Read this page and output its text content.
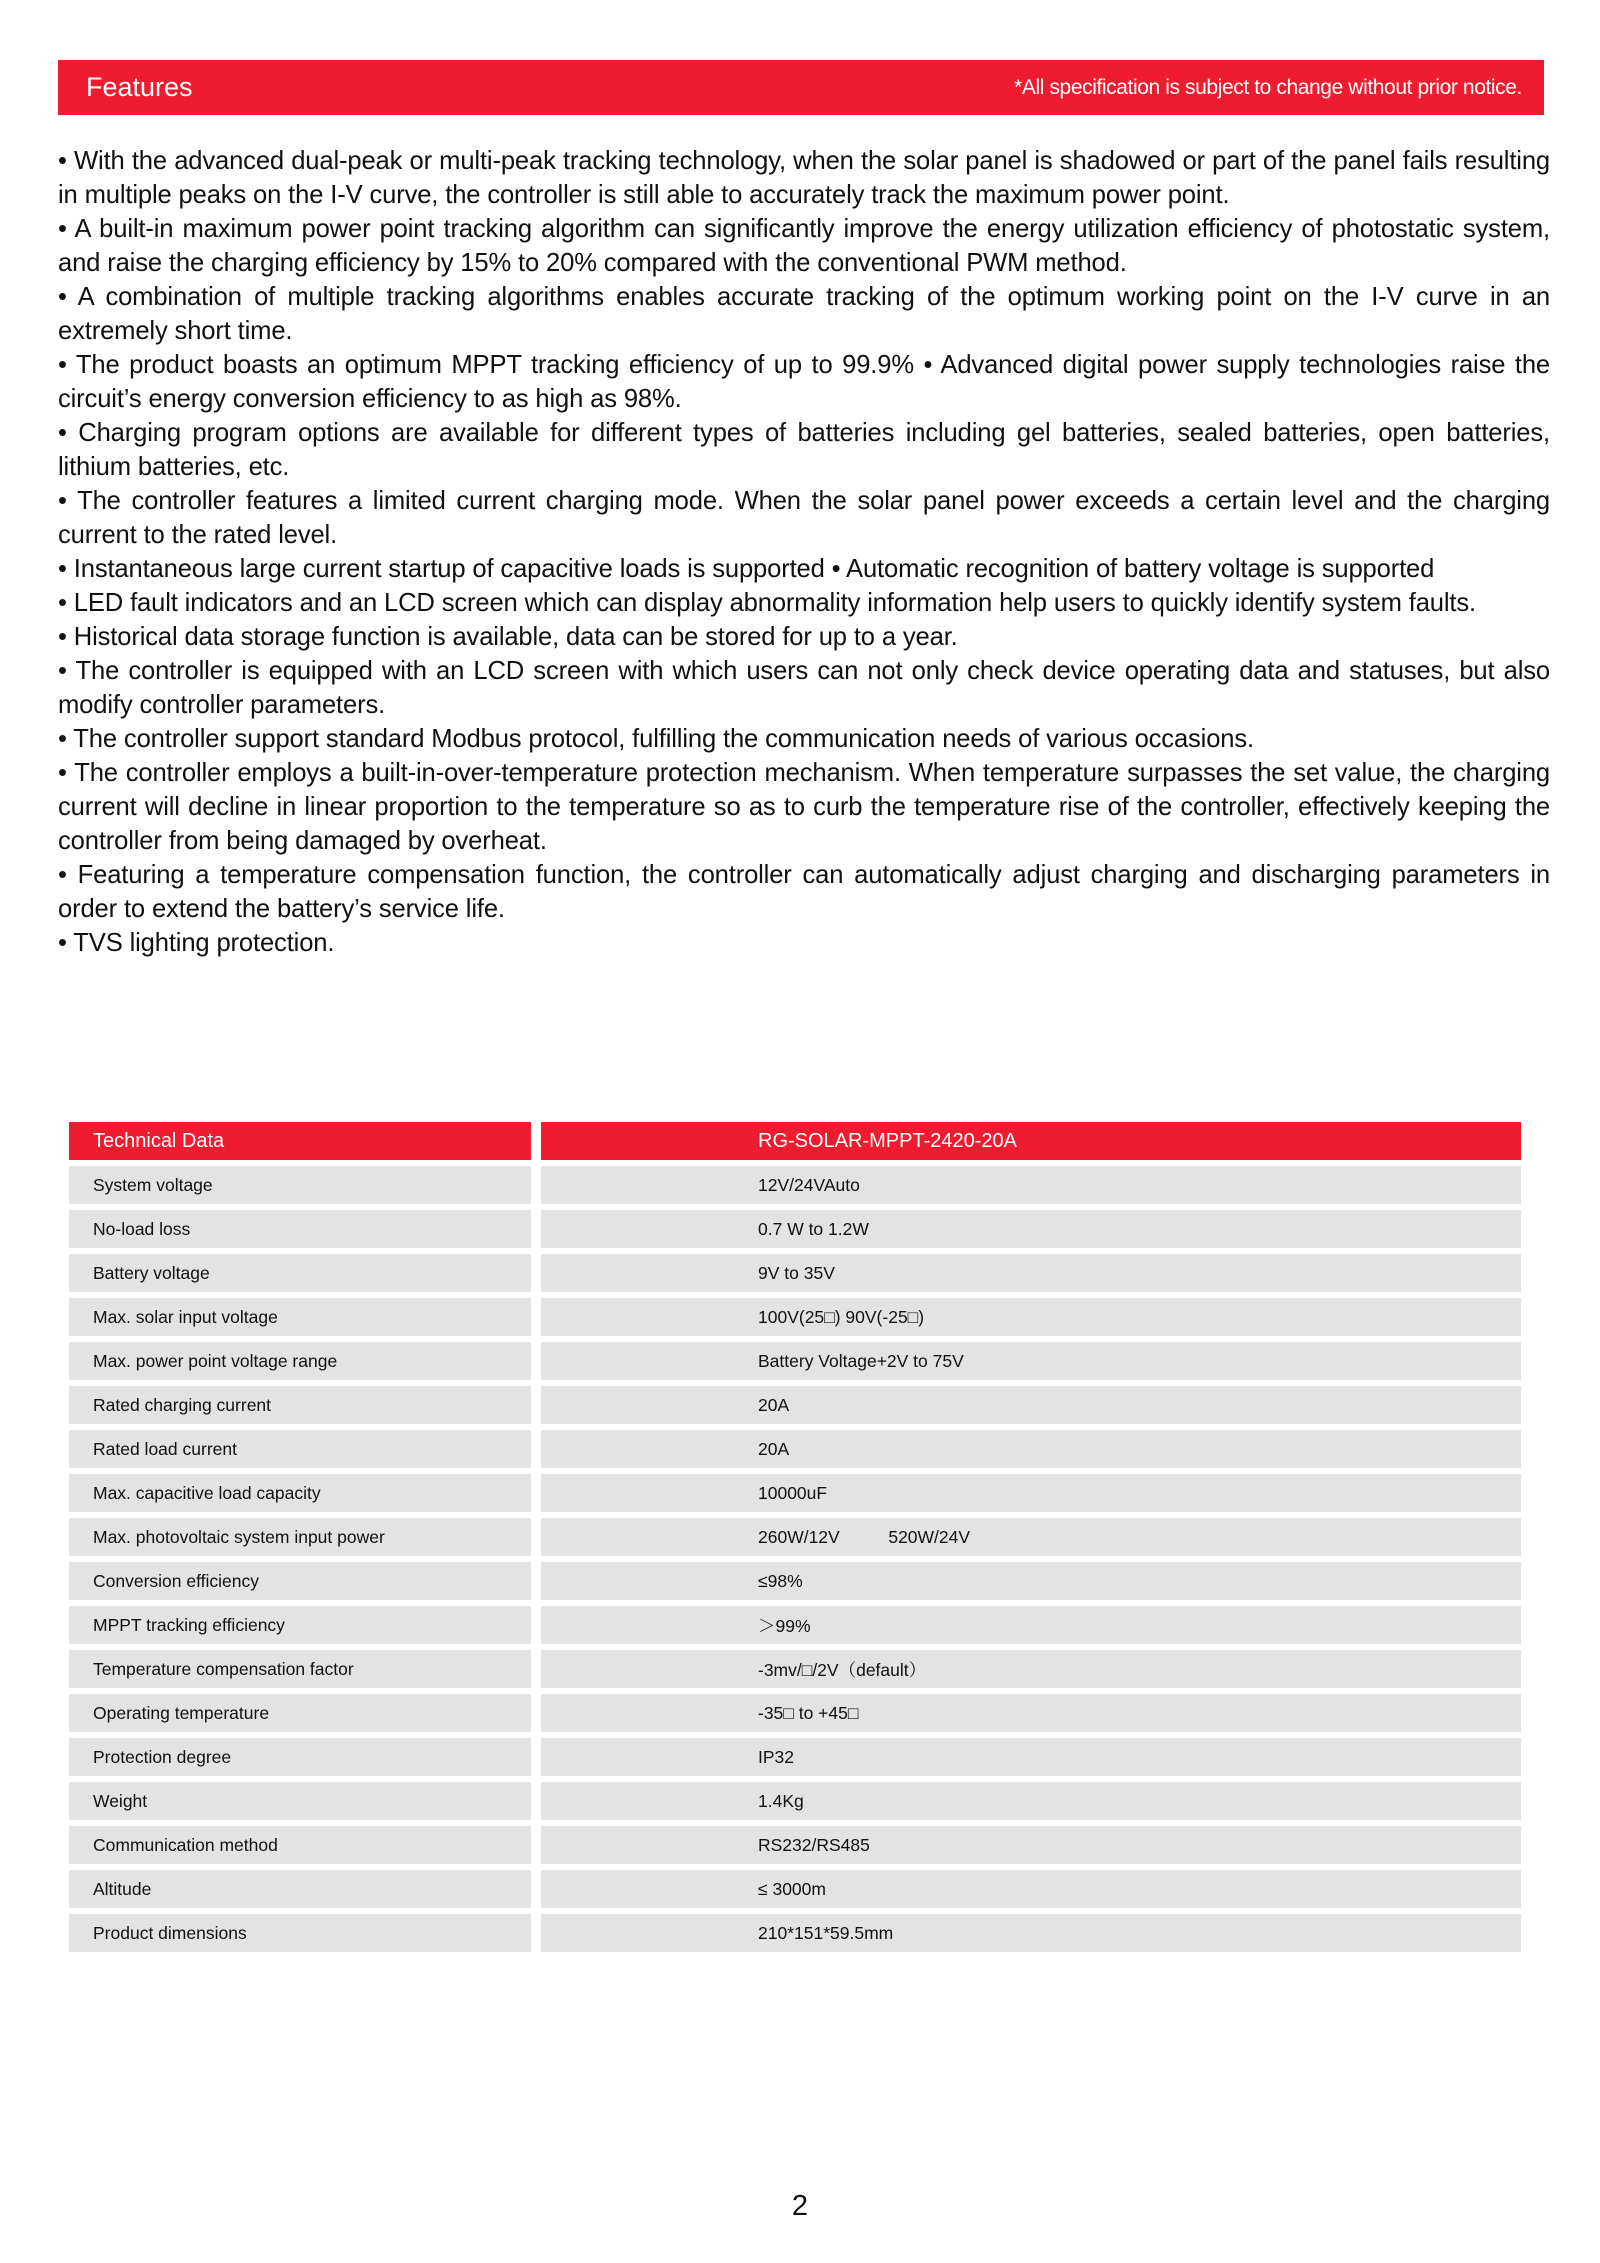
Features	*All specification is subject to change without prior notice.

• With the advanced dual-peak or multi-peak tracking technology, when the solar panel is shadowed or part of the panel fails resulting in multiple peaks on the I-V curve, the controller is still able to accurately track the maximum power point.

• A built-in maximum power point tracking algorithm can significantly improve the energy utilization efficiency of photostatic system, and raise the charging efficiency by 15% to 20% compared with the conventional PWM method.

• A combination of multiple tracking algorithms enables accurate tracking of the optimum working point on the I-V curve in an extremely short time.

• The product boasts an optimum MPPT tracking efficiency of up to 99.9% • Advanced digital power supply technologies raise the circuit’s energy conversion efficiency to as high as 98%.

• Charging program options are available for different types of batteries including gel batteries, sealed batteries, open batteries, lithium batteries, etc.

• The controller features a limited current charging mode. When the solar panel power exceeds a certain level and the charging current to the rated level.

• Instantaneous large current startup of capacitive loads is supported • Automatic recognition of battery voltage is supported

• LED fault indicators and an LCD screen which can display abnormality information help users to quickly identify system faults.

• Historical data storage function is available, data can be stored for up to a year.

• The controller is equipped with an LCD screen with which users can not only check device operating data and statuses, but also modify controller parameters.

• The controller support standard Modbus protocol, fulfilling the communication needs of various occasions.

• The controller employs a built-in-over-temperature protection mechanism. When temperature surpasses the set value, the charging current will decline in linear proportion to the temperature so as to curb the temperature rise of the controller, effectively keeping the controller from being damaged by overheat.

• Featuring a temperature compensation function, the controller can automatically adjust charging and discharging parameters in order to extend the battery’s service life.

• TVS lighting protection.

Technical Data	RG-SOLAR-MPPT-2420-20A
System voltage	12V/24VAuto
No-load loss	0.7 W to 1.2W
Battery voltage	9V to 35V
Max. solar input voltage	100V(25□) 90V(-25□)
Max. power point voltage range	Battery Voltage+2V to 75V
Rated charging current	20A
Rated load current	20A
Max. capacitive load capacity	10000uF
Max. photovoltaic system input power	260W/12V          520W/24V
Conversion efficiency	≤98%
MPPT tracking efficiency	＞99%
Temperature compensation factor	-3mv/□/2V（default）
Operating temperature	-35□ to +45□
Protection degree	IP32
Weight	1.4Kg
Communication method	RS232/RS485
Altitude	≤ 3000m
Product dimensions	210*151*59.5mm
2
